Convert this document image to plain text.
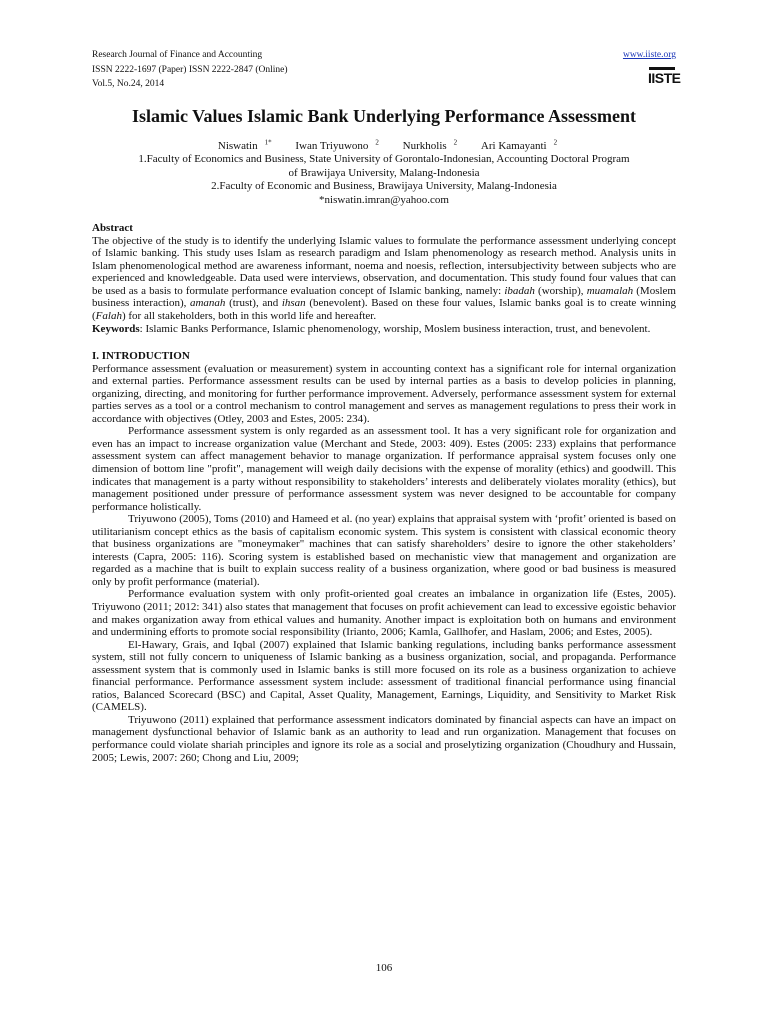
Research Journal of Finance and Accounting
ISSN 2222-1697 (Paper) ISSN 2222-2847 (Online)
Vol.5, No.24, 2014
www.iiste.org
IISTE
Islamic Values Islamic Bank Underlying Performance Assessment
Niswatin $^{1*}$ Iwan Triyuwono $^2$ Nurkholis $^2$ Ari Kamayanti $^2$
1.Faculty of Economics and Business, State University of Gorontalo-Indonesian, Accounting Doctoral Program
of Brawijaya University, Malang-Indonesia
2.Faculty of Economic and Business, Brawijaya University, Malang-Indonesia
*niswatin.imran@yahoo.com
Abstract

The objective of the study is to identify the underlying Islamic values to formulate the performance assessment underlying concept of Islamic banking. This study uses Islam as research paradigm and Islam phenomenology as research method. Analysis units in Islam phenomenological method are awareness informant, noema and noesis, reflection, intersubjectivity between subjects who are experienced and knowledgeable. Data used were interviews, observation, and documentation. This study found four values that can be used as a basis to formulate performance evaluation concept of Islamic banking, namely: ibadah (worship), muamalah (Moslem business interaction), amanah (trust), and ihsan (benevolent). Based on these four values, Islamic banks goal is to create winning (Falah) for all stakeholders, both in this world life and hereafter.

Keywords: Islamic Banks Performance, Islamic phenomenology, worship, Moslem business interaction, trust, and benevolent.

I. INTRODUCTION

Performance assessment (evaluation or measurement) system in accounting context has a significant role for internal organization and external parties. Performance assessment results can be used by internal parties as a basis to develop policies in planning, organizing, directing, and monitoring for further performance improvement. Adversely, performance assessment system for external parties serves as a tool or a control mechanism to control management and serves as management regulations to press their work in accordance with objectives (Otley, 2003 and Estes, 2005: 234).

Performance assessment system is only regarded as an assessment tool. It has a very significant role for organization and even has an impact to increase organization value (Merchant and Stede, 2003: 409). Estes (2005: 233) explains that performance assessment system can affect management behavior to manage organization. If performance appraisal system focuses only one dimension of bottom line "profit", management will weigh daily decisions with the expense of morality (ethics) and goodwill. This indicates that management is a party without responsibility to stakeholders’ interests and deliberately violates morality (ethics), but management positioned under pressure of performance assessment system was never designed to be accountable for company performance holistically.

Triyuwono (2005), Toms (2010) and Hameed et al. (no year) explains that appraisal system with ‘profit’ oriented is based on utilitarianism concept ethics as the basis of capitalism economic system. This system is consistent with classical economic theory that business organizations are "moneymaker" machines that can satisfy shareholders’ desire to ignore the other stakeholders’ interests (Capra, 2005: 116). Scoring system is established based on mechanistic view that management and organization are regarded as a machine that is built to explain success reality of a business organization, where good or bad business is measured only by profit performance (material).

Performance evaluation system with only profit-oriented goal creates an imbalance in organization life (Estes, 2005). Triyuwono (2011; 2012: 341) also states that management that focuses on profit achievement can lead to excessive egoistic behavior and makes organization away from ethical values and humanity. Another impact is exploitation both on humans and environment and undermining efforts to promote social responsibility (Irianto, 2006; Kamla, Gallhofer, and Haslam, 2006; and Estes, 2005).

El-Hawary, Grais, and Iqbal (2007) explained that Islamic banking regulations, including banks performance assessment system, still not fully concern to uniqueness of Islamic banking as a business organization, social, and propaganda. Performance assessment system that is commonly used in Islamic banks is still more focused on its role as a business organization to achieve financial performance. Performance assessment system include: assessment of traditional financial performance using financial ratios, Balanced Scorecard (BSC) and Capital, Asset Quality, Management, Earnings, Liquidity, and Sensitivity to Market Risk (CAMELS).

Triyuwono (2011) explained that performance assessment indicators dominated by financial aspects can have an impact on management dysfunctional behavior of Islamic bank as an authority to lead and run organization. Management that focuses on performance could violate shariah principles and ignore its role as a social and proselytizing organization (Choudhury and Hussain, 2005; Lewis, 2007: 260; Chong and Liu, 2009;

106
